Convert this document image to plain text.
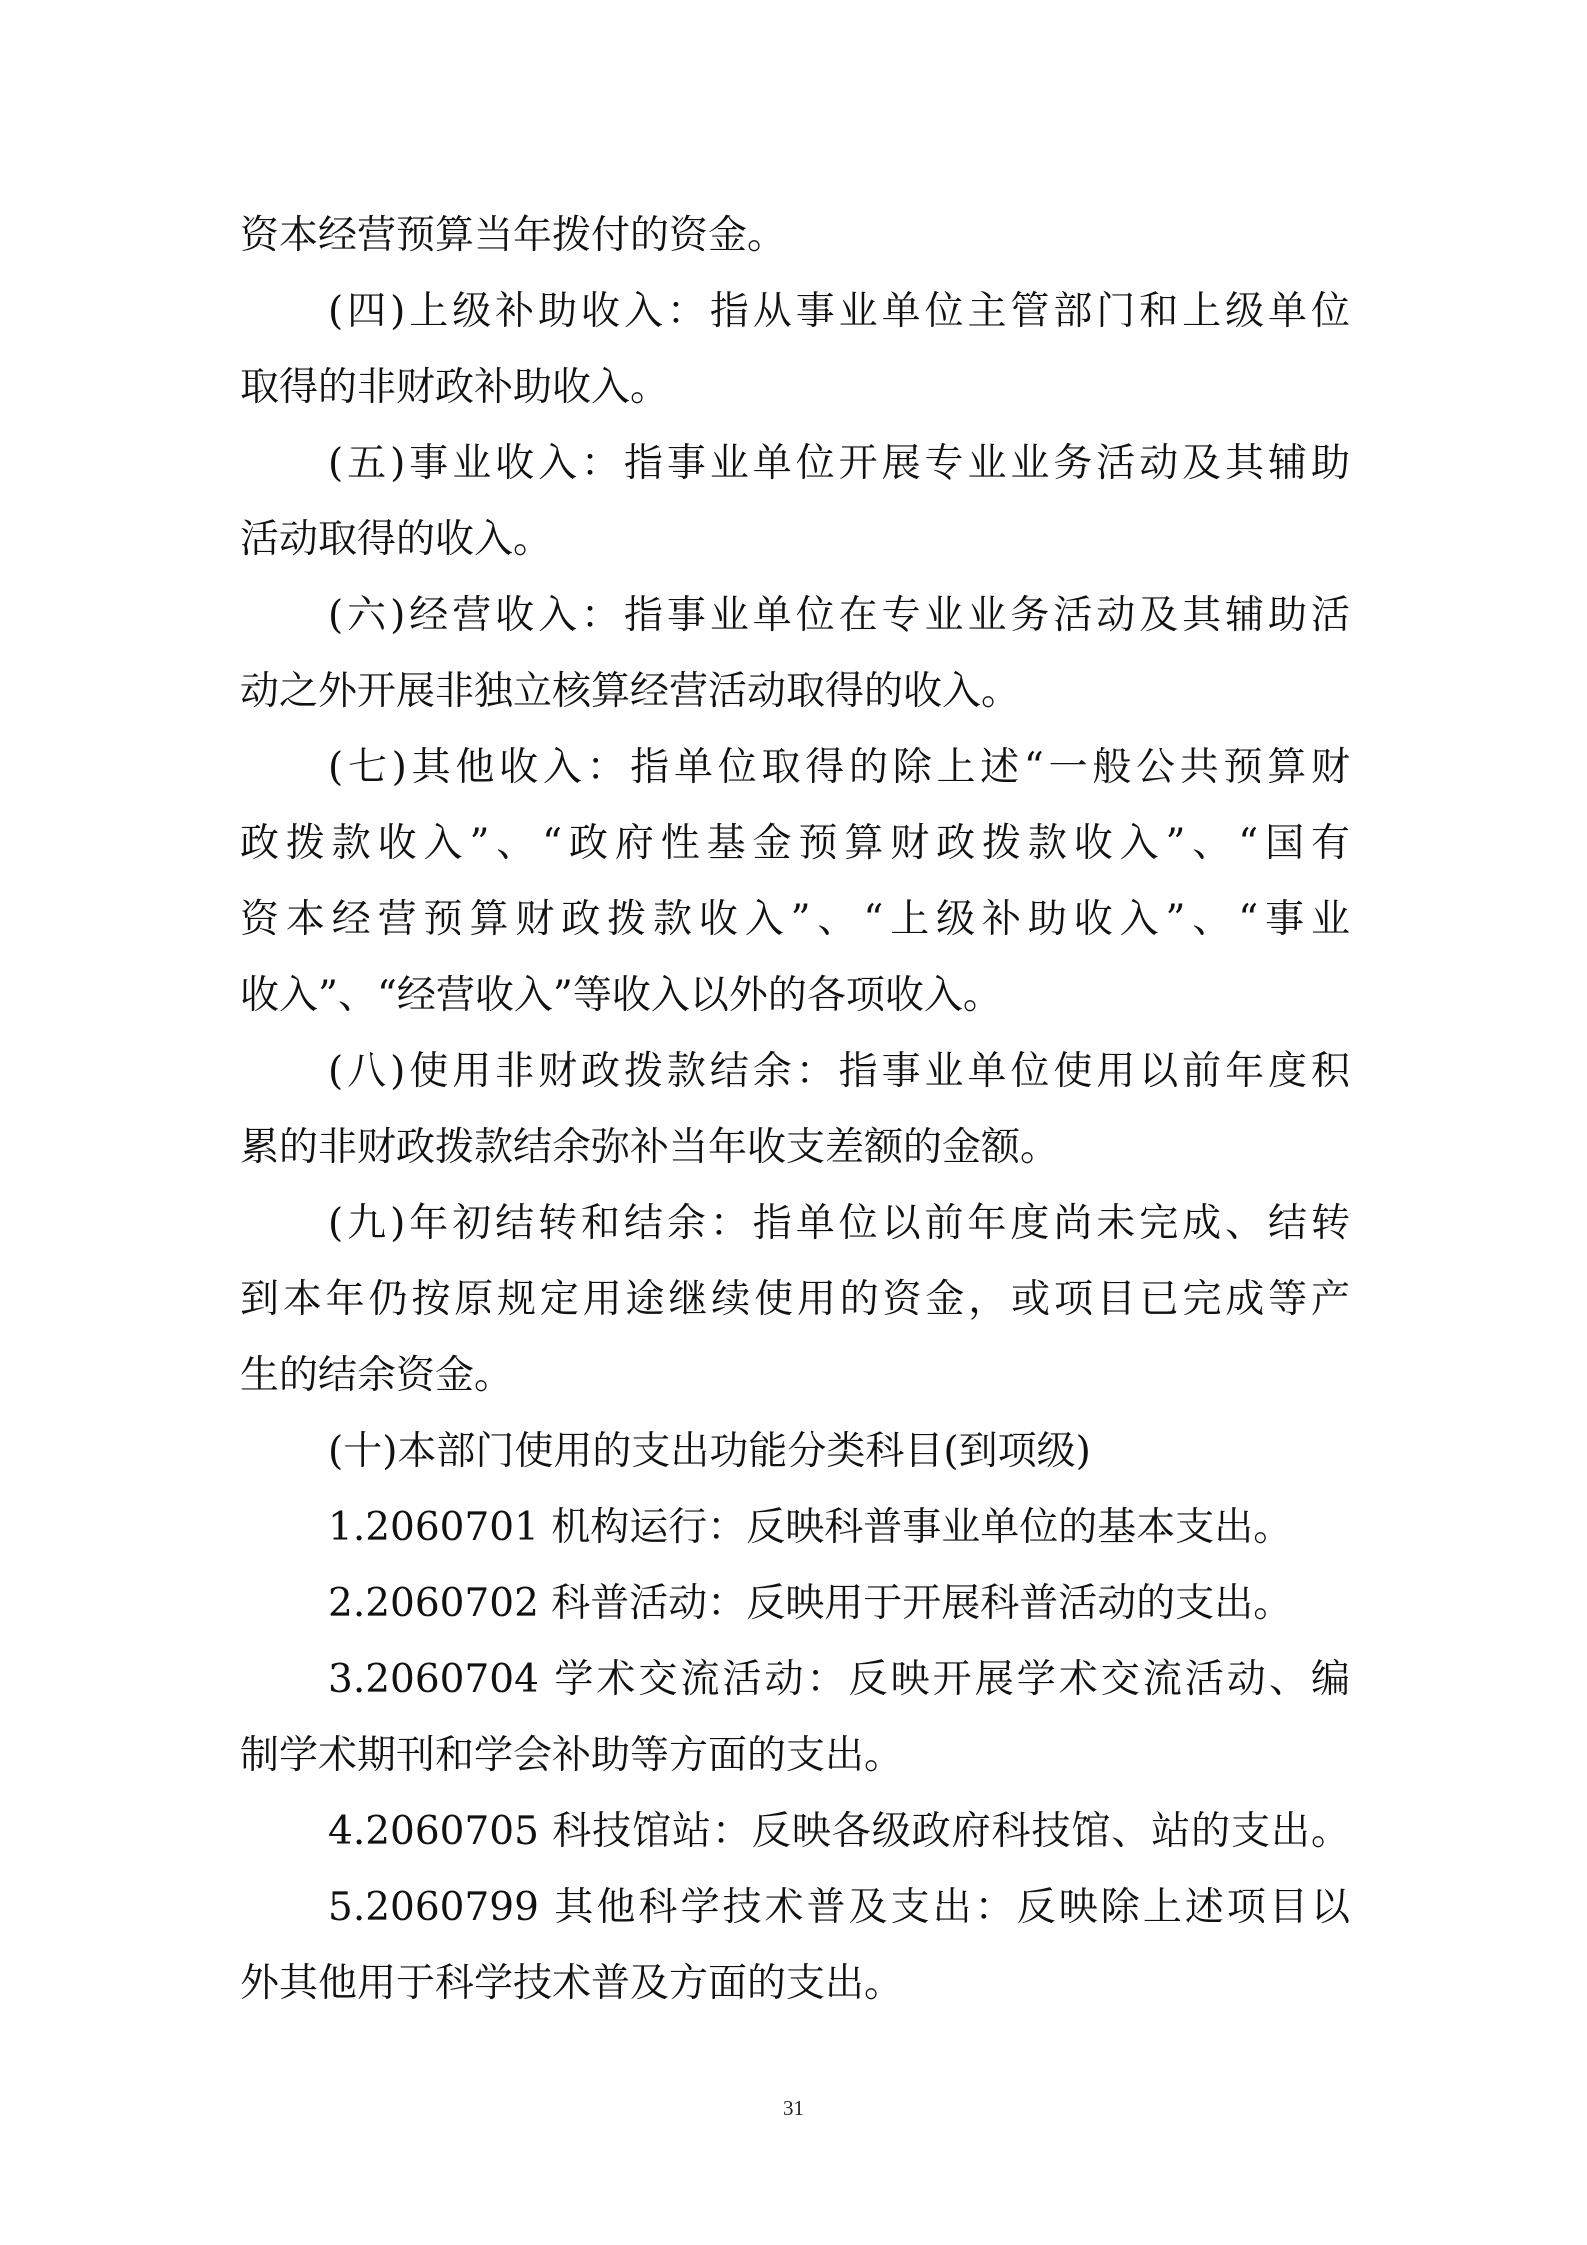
资本经营预算当年拨付的资金。
(四)上级补助收入：指从事业单位主管部门和上级单位
取得的非财政补助收入。
(五)事业收入：指事业单位开展专业业务活动及其辅助
活动取得的收入。
(六)经营收入：指事业单位在专业业务活动及其辅助活
动之外开展非独立核算经营活动取得的收入。
(七)其他收入：指单位取得的除上述“一般公共预算财
政拨款收入”、“政府性基金预算财政拨款收入”、“国有
资本经营预算财政拨款收入”、“上级补助收入”、“事业
收入”、“经营收入”等收入以外的各项收入。
(八)使用非财政拨款结余：指事业单位使用以前年度积
累的非财政拨款结余弥补当年收支差额的金额。
(九)年初结转和结余：指单位以前年度尚未完成、结转
到本年仍按原规定用途继续使用的资金，或项目已完成等产
生的结余资金。
(十)本部门使用的支出功能分类科目(到项级)
1.2060701 机构运行：反映科普事业单位的基本支出。
2.2060702 科普活动：反映用于开展科普活动的支出。
3.2060704 学术交流活动：反映开展学术交流活动、编
制学术期刊和学会补助等方面的支出。
4.2060705 科技馆站：反映各级政府科技馆、站的支出。
5.2060799 其他科学技术普及支出：反映除上述项目以
外其他用于科学技术普及方面的支出。
31
